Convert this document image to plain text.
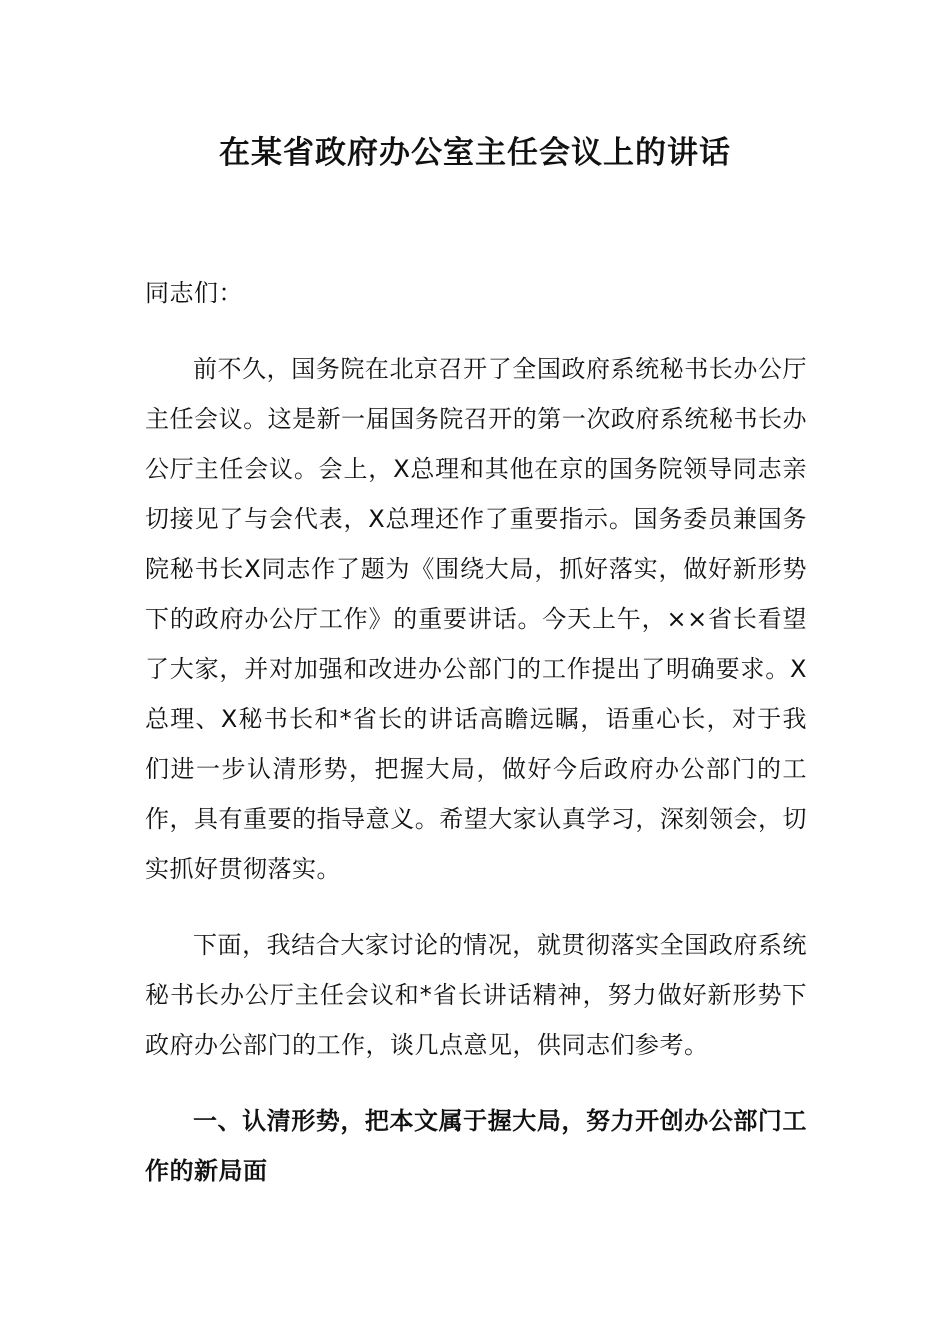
在某省政府办公室主任会议上的讲话

同志们：

前不久，国务院在北京召开了全国政府系统秘书长办公厅主任会议。这是新一届国务院召开的第一次政府系统秘书长办公厅主任会议。会上，X总理和其他在京的国务院领导同志亲切接见了与会代表，X总理还作了重要指示。国务委员兼国务院秘书长X同志作了题为《围绕大局，抓好落实，做好新形势下的政府办公厅工作》的重要讲话。今天上午，××省长看望了大家，并对加强和改进办公部门的工作提出了明确要求。X总理、X秘书长和*省长的讲话高瞻远瞩，语重心长，对于我们进一步认清形势，把握大局，做好今后政府办公部门的工作，具有重要的指导意义。希望大家认真学习，深刻领会，切实抓好贯彻落实。

下面，我结合大家讨论的情况，就贯彻落实全国政府系统秘书长办公厅主任会议和*省长讲话精神，努力做好新形势下政府办公部门的工作，谈几点意见，供同志们参考。

一、认清形势，把本文属于握大局，努力开创办公部门工作的新局面
